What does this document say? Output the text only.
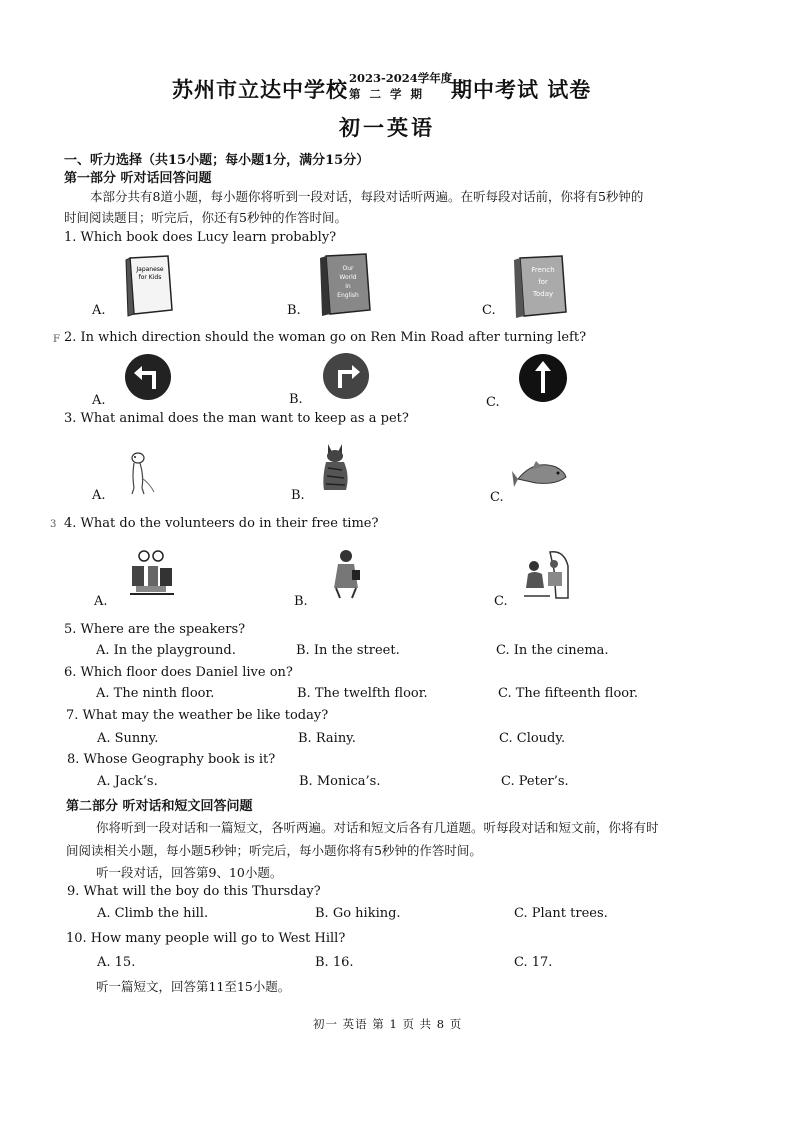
苏州市立达中学校 2023-2024学年度
第二学期 期中考试 试卷
初一英语
一、听力选择（共15小题；每小题1分，满分15分）
第一部分 听对话回答问题
本部分共有8道小题，每小题你将听到一段对话，每段对话听两遍。在听每段对话前，你将有5秒钟的
时间阅读题目；听完后，你还有5秒钟的作答时间。
1. Which book does Lucy learn probably?
A.	B.	C.
Japanese
for Kids
Our
World
in
English
French
for
Today
F 2. In which direction should the woman go on Ren Min Road after turning left?
A.	B.	C.
3. What animal does the man want to keep as a pet?
A.	B.	C.
3 4. What do the volunteers do in their free time?
A.	B.	C.
5. Where are the speakers?
A. In the playground.	B. In the street.	C. In the cinema.
6. Which floor does Daniel live on?
A. The ninth floor.	B. The twelfth floor.	C. The fifteenth floor.
7. What may the weather be like today?
A. Sunny.	B. Rainy.	C. Cloudy.
8. Whose Geography book is it?
A. Jack’s.	B. Monica’s.	C. Peter’s.
第二部分 听对话和短文回答问题
你将听到一段对话和一篇短文，各听两遍。对话和短文后各有几道题。听每段对话和短文前，你将有时
间阅读相关小题，每小题5秒钟；听完后，每小题你将有5秒钟的作答时间。
听一段对话，回答第9、10小题。
9. What will the boy do this Thursday?
A. Climb the hill.	B. Go hiking.	C. Plant trees.
10. How many people will go to West Hill?
A. 15.	B. 16.	C. 17.
听一篇短文，回答第11至15小题。
初一 英语 第 1 页 共 8 页
